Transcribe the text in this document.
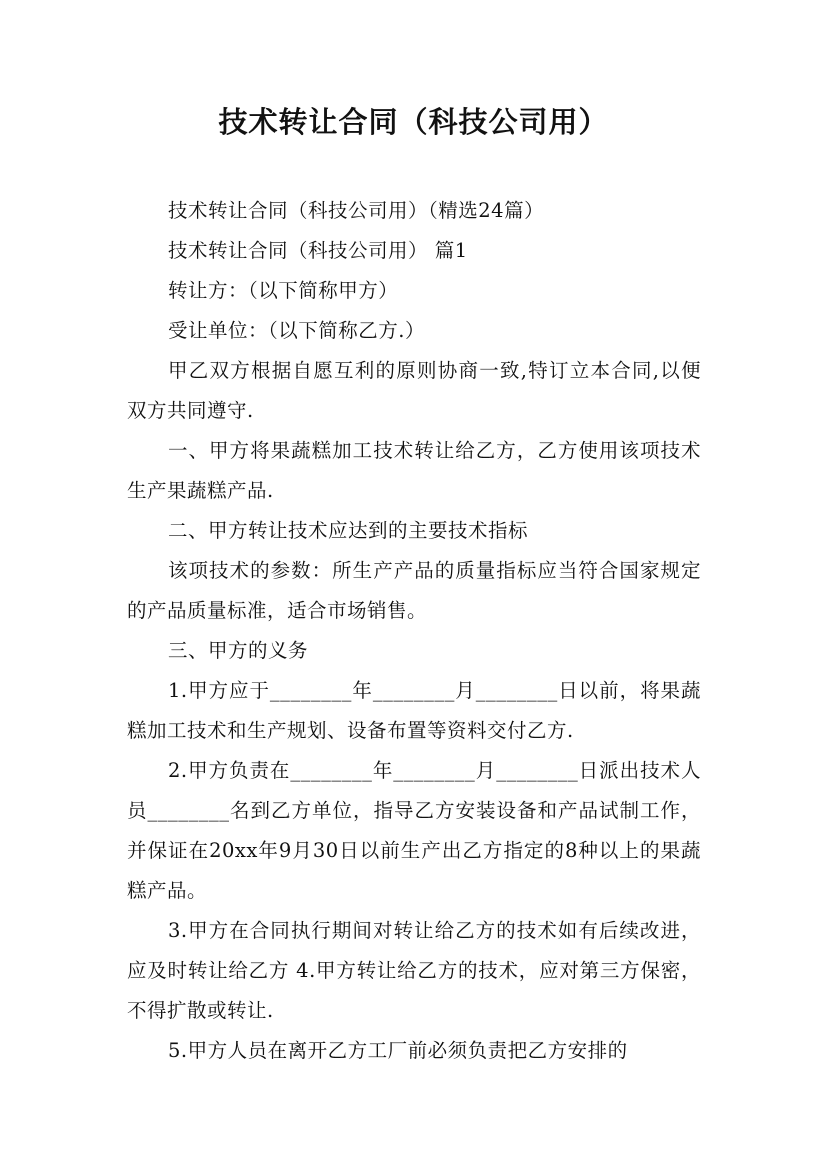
技术转让合同（科技公司用）

技术转让合同（科技公司用）（精选24篇）

技术转让合同（科技公司用） 篇1

转让方：（以下简称甲方）

受让单位：（以下简称乙方.）

甲乙双方根据自愿互利的原则协商一致,特订立本合同,以便双方共同遵守.

一、甲方将果蔬糕加工技术转让给乙方，乙方使用该项技术生产果蔬糕产品.

二、甲方转让技术应达到的主要技术指标

该项技术的参数：所生产产品的质量指标应当符合国家规定的产品质量标准，适合市场销售。

三、甲方的义务

1.甲方应于________年________月________日以前，将果蔬糕加工技术和生产规划、设备布置等资料交付乙方.

2.甲方负责在________年________月________日派出技术人员________名到乙方单位，指导乙方安装设备和产品试制工作，并保证在20xx年9月30日以前生产出乙方指定的8种以上的果蔬糕产品。

3.甲方在合同执行期间对转让给乙方的技术如有后续改进，应及时转让给乙方 4.甲方转让给乙方的技术，应对第三方保密，不得扩散或转让.

5.甲方人员在离开乙方工厂前必须负责把乙方安排的
